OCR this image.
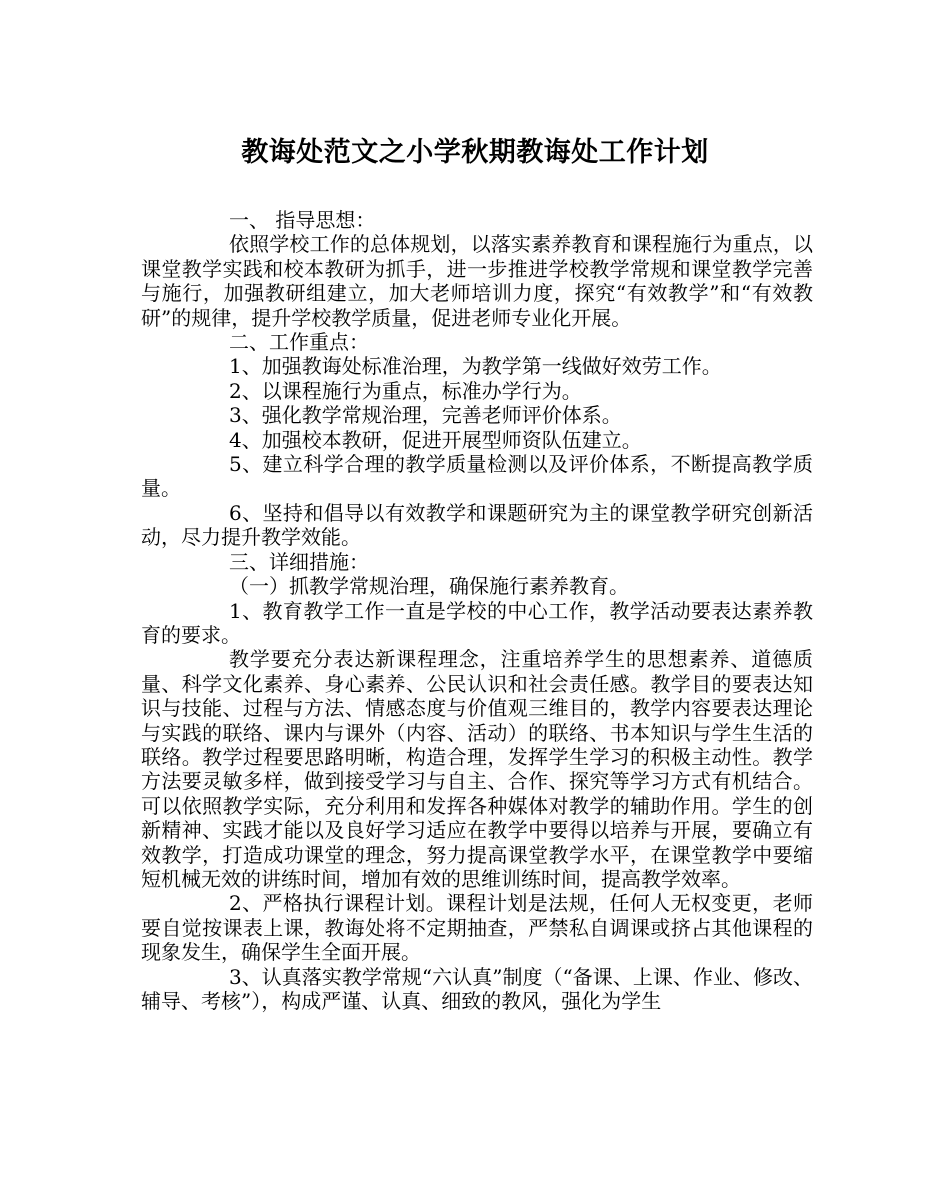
教诲处范文之小学秋期教诲处工作计划

一、 指导思想：

依照学校工作的总体规划，以落实素养教育和课程施行为重点，以课堂教学实践和校本教研为抓手，进一步推进学校教学常规和课堂教学完善与施行，加强教研组建立，加大老师培训力度，探究“有效教学”和“有效教研”的规律，提升学校教学质量，促进老师专业化开展。

二、工作重点：

1、加强教诲处标准治理，为教学第一线做好效劳工作。

2、以课程施行为重点，标准办学行为。

3、强化教学常规治理，完善老师评价体系。

4、加强校本教研，促进开展型师资队伍建立。

5、建立科学合理的教学质量检测以及评价体系，不断提高教学质量。

6、坚持和倡导以有效教学和课题研究为主的课堂教学研究创新活动，尽力提升教学效能。

三、详细措施：

（一）抓教学常规治理，确保施行素养教育。

1、教育教学工作一直是学校的中心工作，教学活动要表达素养教育的要求。

教学要充分表达新课程理念，注重培养学生的思想素养、道德质量、科学文化素养、身心素养、公民认识和社会责任感。教学目的要表达知识与技能、过程与方法、情感态度与价值观三维目的，教学内容要表达理论与实践的联络、课内与课外（内容、活动）的联络、书本知识与学生生活的联络。教学过程要思路明晰，构造合理，发挥学生学习的积极主动性。教学方法要灵敏多样，做到接受学习与自主、合作、探究等学习方式有机结合。可以依照教学实际，充分利用和发挥各种媒体对教学的辅助作用。学生的创新精神、实践才能以及良好学习适应在教学中要得以培养与开展，要确立有效教学，打造成功课堂的理念，努力提高课堂教学水平，在课堂教学中要缩短机械无效的讲练时间，增加有效的思维训练时间，提高教学效率。

2、严格执行课程计划。课程计划是法规，任何人无权变更，老师要自觉按课表上课，教诲处将不定期抽查，严禁私自调课或挤占其他课程的现象发生，确保学生全面开展。

3、认真落实教学常规“六认真”制度（“备课、上课、作业、修改、辅导、考核”），构成严谨、认真、细致的教风，强化为学生
